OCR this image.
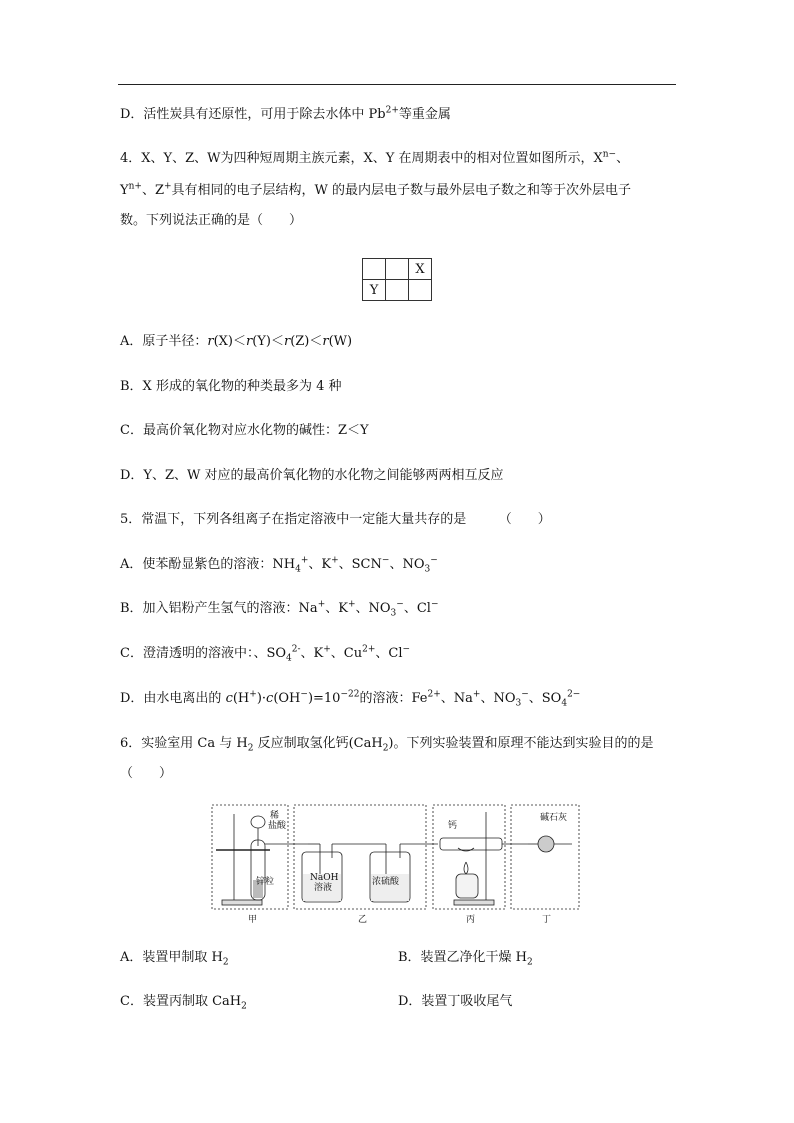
D．活性炭具有还原性，可用于除去水体中 $Pb^{2+}$等重金属
4．X、Y、Z、W为四种短周期主族元素，X、Y 在周期表中的相对位置如图所示，$X^{n-}$、
$Y^{n+}$、Z+具有相同的电子层结构，W 的最内层电子数与最外层电子数之和等于次外层电子
数。下列说法正确的是（　　）
		X
Y		
A．原子半径：r(X)＜r(Y)＜r(Z)＜r(W)
B．X 形成的氧化物的种类最多为 4 种
C．最高价氧化物对应水化物的碱性：Z＜Y
D．Y、Z、W 对应的最高价氧化物的水化物之间能够两两相互反应
5．常温下，下列各组离子在指定溶液中一定能大量共存的是　　　（　　）
A．使苯酚显紫色的溶液：$NH_4^+$、K+、SCN−、$NO_3^-$
B．加入铝粉产生氢气的溶液：Na+、K+、$NO_3^-$、Cl−
C．澄清透明的溶液中：、$SO_4^{2-}$、K+、$Cu^{2+}$、Cl−
D．由水电离出的 $c(H^+)\cdot c(OH^-)=10^{-22}$的溶液：$Fe^{2+}$、Na+、$NO_3^-$、$SO_4^{2-}$
6．实验室用 Ca 与 $H_2$ 反应制取氢化钙(CaH$_2$)。下列实验装置和原理不能达到实验目的的是
（　　）
稀
盐酸
锌粒	NaOH
溶液
浓硫酸
钙
碱石灰
甲	乙	丙	丁
A．装置甲制取 $H_2$	B．装置乙净化干燥 $H_2$
C．装置丙制取 CaH$_2$	D．装置丁吸收尾气
